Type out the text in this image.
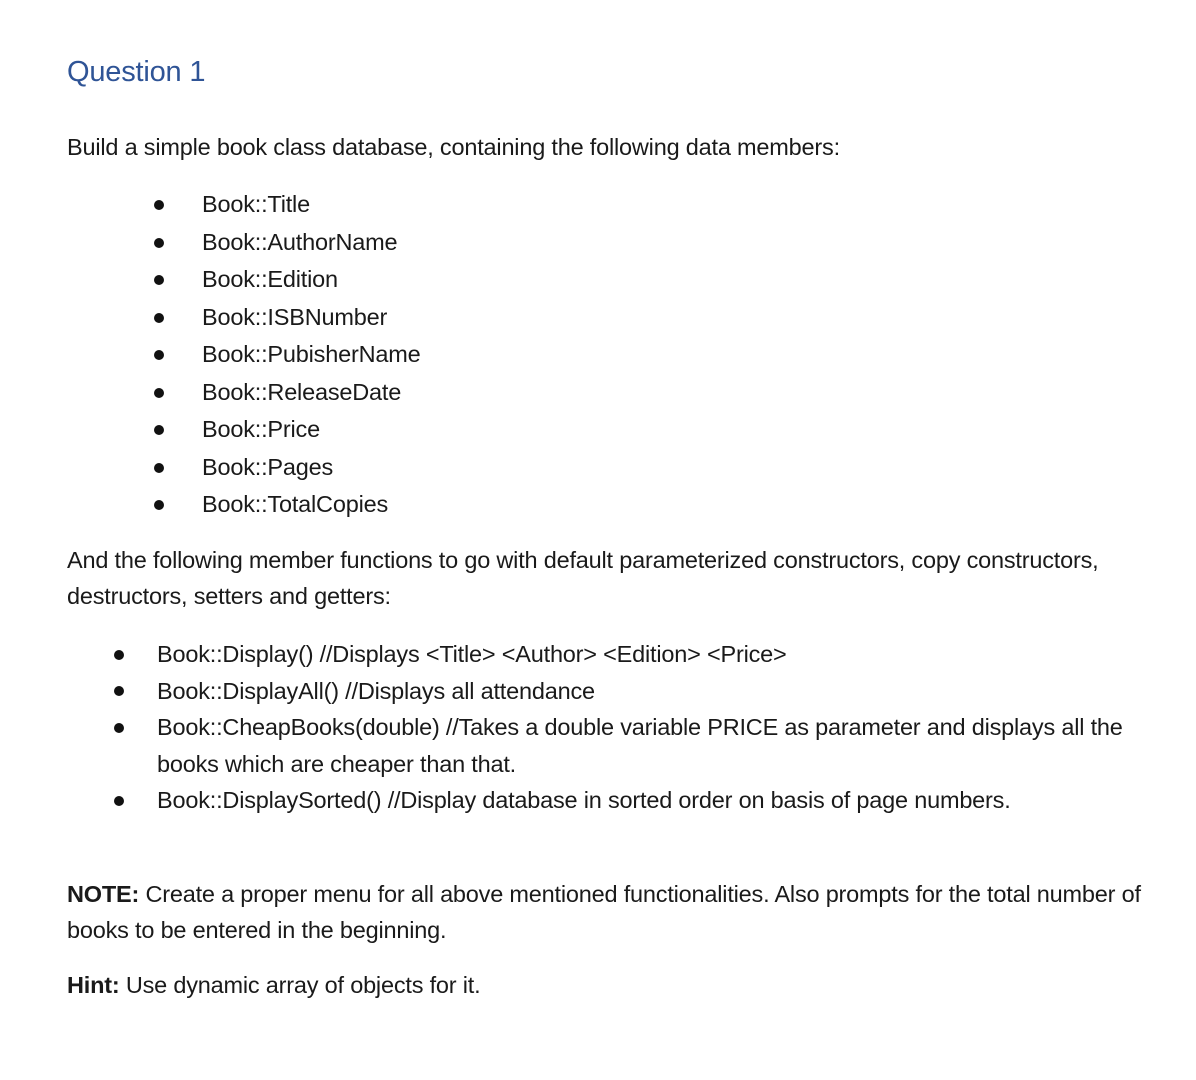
Question 1

Build a simple book class database, containing the following data members:

Book::Title
Book::AuthorName
Book::Edition
Book::ISBNumber
Book::PubisherName
Book::ReleaseDate
Book::Price
Book::Pages
Book::TotalCopies

And the following member functions to go with default parameterized constructors, copy constructors, destructors, setters and getters:

Book::Display() //Displays <Title> <Author> <Edition> <Price>
Book::DisplayAll() //Displays all attendance
Book::CheapBooks(double) //Takes a double variable PRICE as parameter and displays all the books which are cheaper than that.
Book::DisplaySorted() //Display database in sorted order on basis of page numbers.

NOTE: Create a proper menu for all above mentioned functionalities. Also prompts for the total number of books to be entered in the beginning.

Hint: Use dynamic array of objects for it.
